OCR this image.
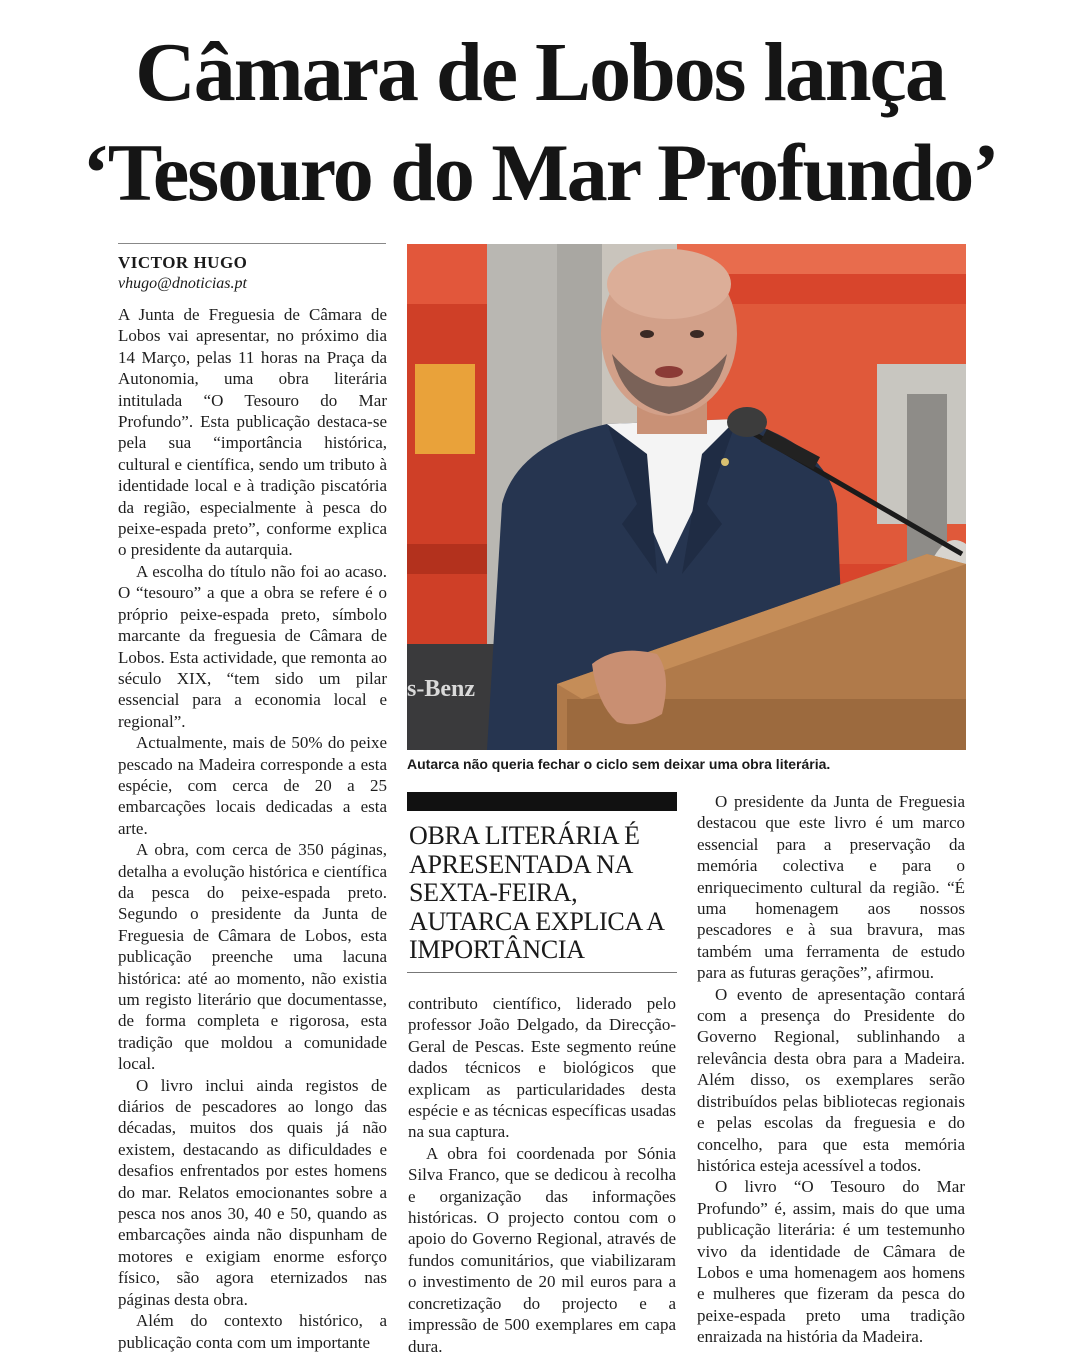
Câmara de Lobos lança
‘Tesouro do Mar Profundo’
VICTOR HUGO
vhugo@dnoticias.pt

A Junta de Freguesia de Câmara de Lobos vai apresentar, no próximo dia 14 Março, pelas 11 horas na Praça da Autonomia, uma obra literária intitulada “O Tesouro do Mar Profundo”. Esta publicação destaca-se pela sua “importância histórica, cultural e científica, sendo um tributo à identidade local e à tradição piscatória da região, especialmente à pesca do peixe-espada preto”, conforme explica o presidente da autarquia.

A escolha do título não foi ao acaso. O “tesouro” a que a obra se refere é o próprio peixe-espada preto, símbolo marcante da freguesia de Câmara de Lobos. Esta actividade, que remonta ao século XIX, “tem sido um pilar essencial para a economia local e regional”.

Actualmente, mais de 50% do peixe pescado na Madeira corresponde a esta espécie, com cerca de 20 a 25 embarcações locais dedicadas a esta arte.

A obra, com cerca de 350 páginas, detalha a evolução histórica e científica da pesca do peixe-espada preto. Segundo o presidente da Junta de Freguesia de Câmara de Lobos, esta publicação preenche uma lacuna histórica: até ao momento, não existia um registo literário que documentasse, de forma completa e rigorosa, esta tradição que moldou a comunidade local.

O livro inclui ainda registos de diários de pescadores ao longo das décadas, muitos dos quais já não existem, destacando as dificuldades e desafios enfrentados por estes homens do mar. Relatos emocionantes sobre a pesca nos anos 30, 40 e 50, quando as embarcações ainda não dispunham de motores e exigiam enorme esforço físico, são agora eternizados nas páginas desta obra.

Além do contexto histórico, a publicação conta com um importante

s-Benz
Autarca não queria fechar o ciclo sem deixar uma obra literária.
OBRA LITERÁRIA É APRESENTADA NA SEXTA-FEIRA, AUTARCA EXPLICA A IMPORTÂNCIA

contributo científico, liderado pelo professor João Delgado, da Direcção-Geral de Pescas. Este segmento reúne dados técnicos e biológicos que explicam as particularidades desta espécie e as técnicas específicas usadas na sua captura.

A obra foi coordenada por Sónia Silva Franco, que se dedicou à recolha e organização das informações históricas. O projecto contou com o apoio do Governo Regional, através de fundos comunitários, que viabilizaram o investimento de 20 mil euros para a concretização do projecto e a impressão de 500 exemplares em capa dura.

O presidente da Junta de Freguesia destacou que este livro é um marco essencial para a preservação da memória colectiva e para o enriquecimento cultural da região. “É uma homenagem aos nossos pescadores e à sua bravura, mas também uma ferramenta de estudo para as futuras gerações”, afirmou.

O evento de apresentação contará com a presença do Presidente do Governo Regional, sublinhando a relevância desta obra para a Madeira. Além disso, os exemplares serão distribuídos pelas bibliotecas regionais e pelas escolas da freguesia e do concelho, para que esta memória histórica esteja acessível a todos.

O livro “O Tesouro do Mar Profundo” é, assim, mais do que uma publicação literária: é um testemunho vivo da identidade de Câmara de Lobos e uma homenagem aos homens e mulheres que fizeram da pesca do peixe-espada preto uma tradição enraizada na história da Madeira.
